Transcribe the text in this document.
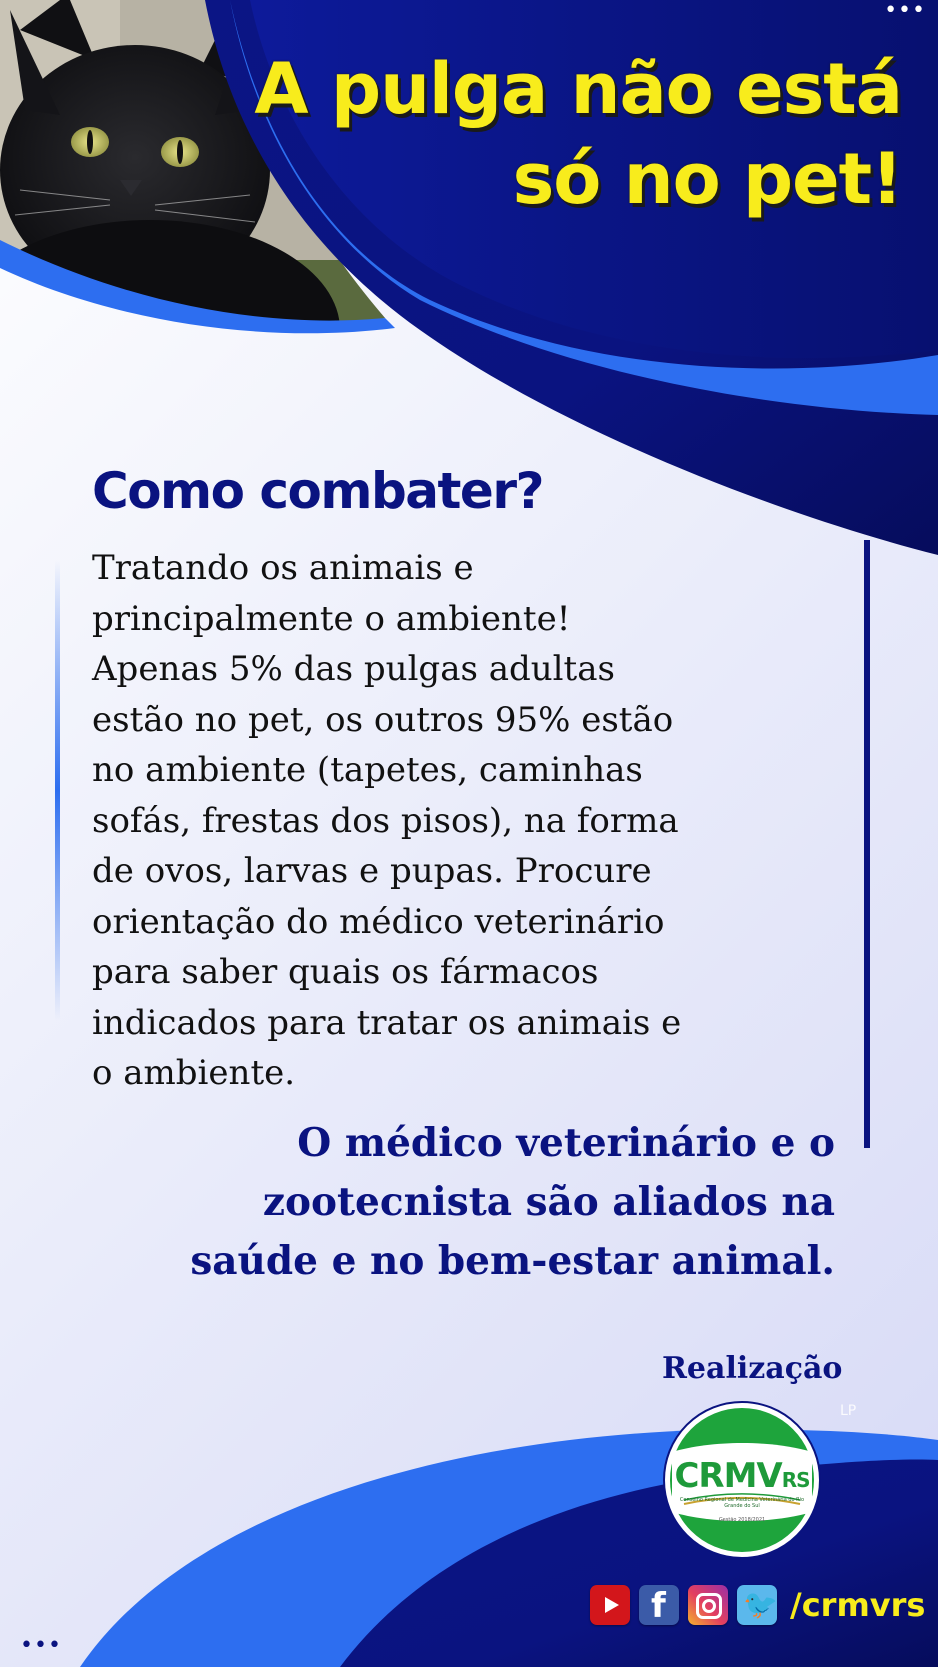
•••
A pulga não está
só no pet!
Como combater?
Tratando os animais e
principalmente o ambiente!
Apenas 5% das pulgas adultas
estão no pet, os outros 95% estão
no ambiente (tapetes, caminhas
sofás, frestas dos pisos), na forma
de ovos, larvas e pupas. Procure
orientação do médico veterinário
para saber quais os fármacos
indicados para tratar os animais e
o ambiente.
O médico veterinário e o
zootecnista são aliados na
saúde e no bem-estar animal.
Realização
LP
CRMVRS
Conselho Regional de Medicina Veterinária do Rio Grande do Sul
Gestão 2018/2021
f	🐦 /crmvrs
•••
